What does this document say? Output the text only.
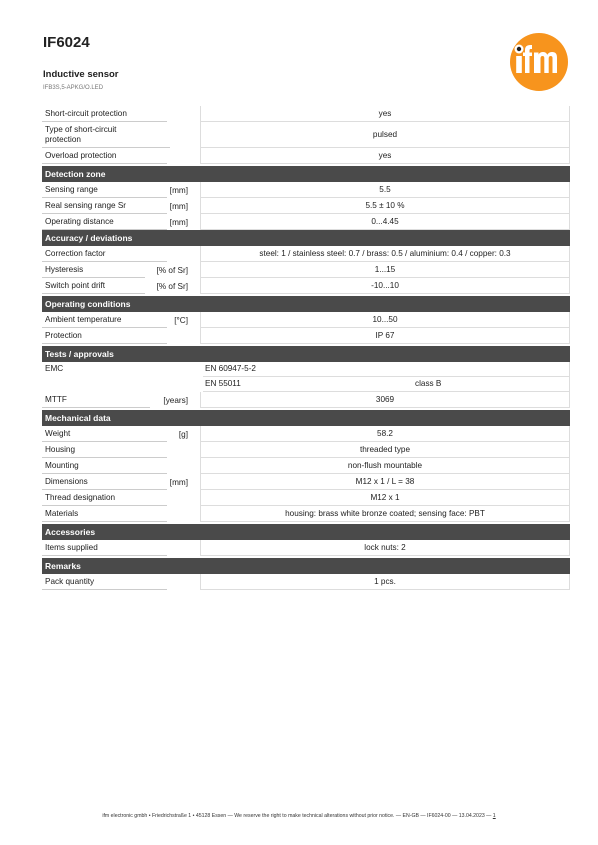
IF6024
Inductive sensor
IFB3S,5-APKG/O.LED
Short-circuit protection	yes
Type of short-circuit protection	pulsed
Overload protection	yes
Detection zone
Sensing range	[mm]	5.5
Real sensing range Sr	[mm]	5.5 ± 10 %
Operating distance	[mm]	0...4.45
Accuracy / deviations
Correction factor	steel: 1 / stainless steel: 0.7 / brass: 0.5 / aluminium: 0.4 / copper: 0.3
Hysteresis	[% of Sr]	1...15
Switch point drift	[% of Sr]	-10...10
Operating conditions
Ambient temperature	[°C]	10...50
Protection	IP 67
Tests / approvals
EMC	EN 60947-5-2
EN 55011	class B
MTTF	[years]	3069
Mechanical data
Weight	[g]	58.2
Housing	threaded type
Mounting	non-flush mountable
Dimensions	[mm]	M12 x 1 / L = 38
Thread designation	M12 x 1
Materials	housing: brass white bronze coated; sensing face: PBT
Accessories
Items supplied	lock nuts: 2
Remarks
Pack quantity	1 pcs.
ifm electronic gmbh • Friedrichstraße 1 • 45128 Essen — We reserve the right to make technical alterations without prior notice. — EN-GB — IF6024-00 — 13.04.2023 — 1
